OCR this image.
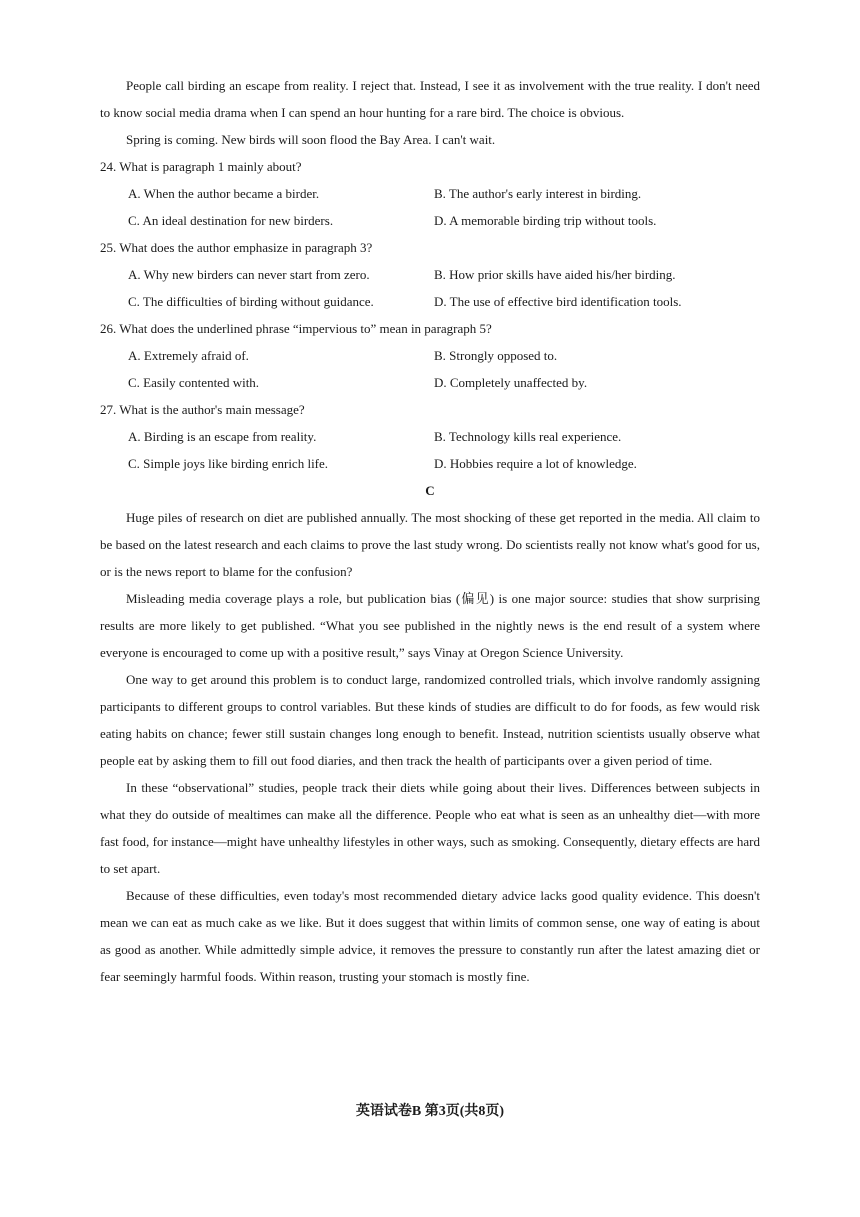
People call birding an escape from reality. I reject that. Instead, I see it as involvement with the true reality. I don't need to know social media drama when I can spend an hour hunting for a rare bird. The choice is obvious.

Spring is coming. New birds will soon flood the Bay Area. I can't wait.

24. What is paragraph 1 mainly about?
A. When the author became a birder.	B. The author's early interest in birding.
C. An ideal destination for new birders.	D. A memorable birding trip without tools.
25. What does the author emphasize in paragraph 3?
A. Why new birders can never start from zero.	B. How prior skills have aided his/her birding.
C. The difficulties of birding without guidance.	D. The use of effective bird identification tools.
26. What does the underlined phrase “impervious to” mean in paragraph 5?
A. Extremely afraid of.	B. Strongly opposed to.
C. Easily contented with.	D. Completely unaffected by.
27. What is the author's main message?
A. Birding is an escape from reality.	B. Technology kills real experience.
C. Simple joys like birding enrich life.	D. Hobbies require a lot of knowledge.
C

Huge piles of research on diet are published annually. The most shocking of these get reported in the media. All claim to be based on the latest research and each claims to prove the last study wrong. Do scientists really not know what's good for us, or is the news report to blame for the confusion?

Misleading media coverage plays a role, but publication bias (偏见) is one major source: studies that show surprising results are more likely to get published. “What you see published in the nightly news is the end result of a system where everyone is encouraged to come up with a positive result,” says Vinay at Oregon Science University.

One way to get around this problem is to conduct large, randomized controlled trials, which involve randomly assigning participants to different groups to control variables. But these kinds of studies are difficult to do for foods, as few would risk eating habits on chance; fewer still sustain changes long enough to benefit. Instead, nutrition scientists usually observe what people eat by asking them to fill out food diaries, and then track the health of participants over a given period of time.

In these “observational” studies, people track their diets while going about their lives. Differences between subjects in what they do outside of mealtimes can make all the difference. People who eat what is seen as an unhealthy diet—with more fast food, for instance—might have unhealthy lifestyles in other ways, such as smoking. Consequently, dietary effects are hard to set apart.

Because of these difficulties, even today's most recommended dietary advice lacks good quality evidence. This doesn't mean we can eat as much cake as we like. But it does suggest that within limits of common sense, one way of eating is about as good as another. While admittedly simple advice, it removes the pressure to constantly run after the latest amazing diet or fear seemingly harmful foods. Within reason, trusting your stomach is mostly fine.

英语试卷B 第3页(共8页)
